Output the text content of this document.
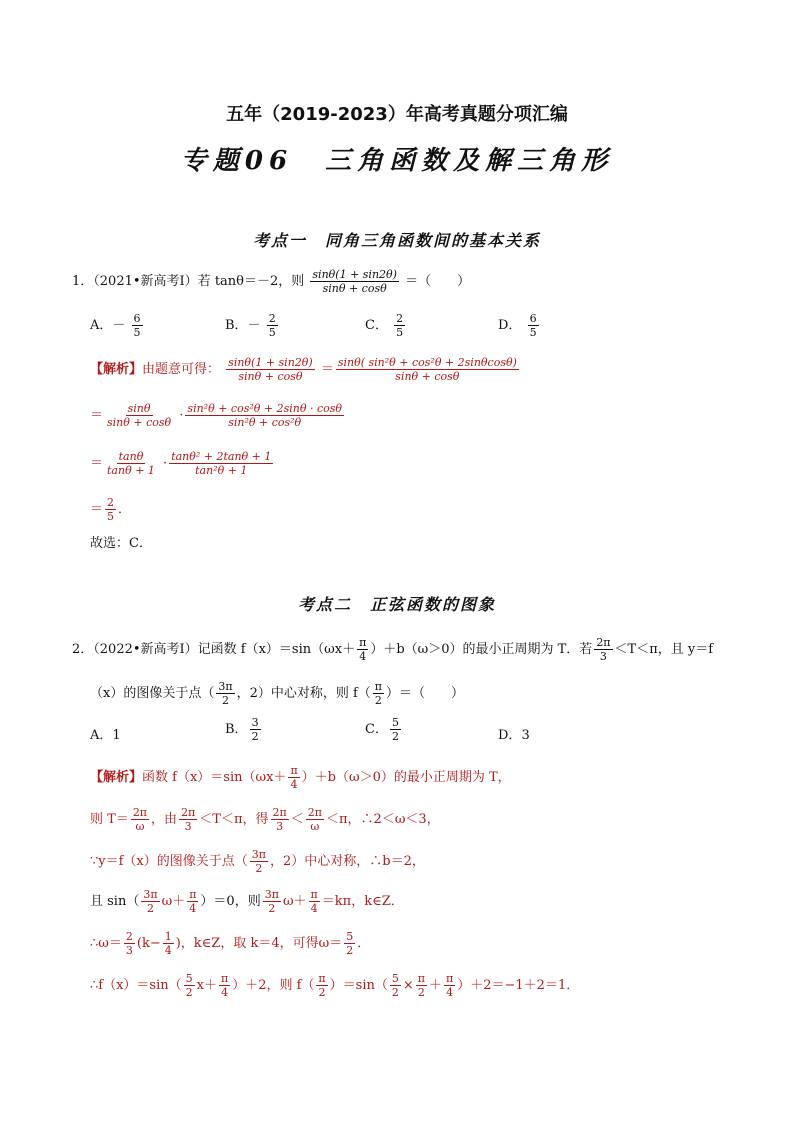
五年（2019-2023）年高考真题分项汇编
专题06　三角函数及解三角形
考点一　同角三角函数间的基本关系
1．（2021•新高考Ⅰ）若 tanθ＝－2，则 $\frac{\sin\theta(1 + \sin 2\theta)}{\sin\theta + \cos\theta}$ ＝（　　）
A．－ $\frac{6}{5}$	B．－ $\frac{2}{5}$	C． $\frac{2}{5}$	D． $\frac{6}{5}$
【解析】由题意可得： $\frac{\sin\theta(1 + \sin 2\theta)}{\sin\theta + \cos\theta} = \frac{\text{sinθ( sin²θ + cos²θ + 2sinθcosθ)}}{\sin\theta + \cos\theta}$
＝ $\frac{\sin\theta}{\sin\theta + \cos\theta} \cdot \frac{\text{sin²θ + cos²θ + 2sinθ · cosθ}}{\text{sin²θ + cos²θ}}$
＝ $\frac{\tan\theta}{\tan\theta + 1} \cdot \frac{\text{tanθ² + 2tanθ + 1}}{\text{tan²θ + 1}}$
＝ $\frac{2}{5}$ ．
故选：C．
考点二　正弦函数的图象
2．（2022•新高考Ⅰ）记函数 $f(x)=\sin(\omega x+ \frac{\pi}{4} )+b(\omega>0)$的最小正周期为 T．若 $\frac{2\pi}{3} <T<\pi$，且 y＝f
（x）的图像关于点（ $\frac{3\pi}{2}$ ，2）中心对称，则 $f( \frac{\pi}{2}$ ）＝（　　）
A．1	B． $\frac{3}{2}$	C． $\frac{5}{2}$	D．3
【解析】函数 $f(x)=\sin(\omega x+ \frac{\pi}{4} )+b(\omega>0)$的最小正周期为 T，
则 $T= \frac{2\pi}{\omega}$ ，由 $\frac{2\pi}{3} <T<\pi$，得 $\frac{2\pi}{3} < \frac{2\pi}{\omega} <\pi$，∴2＜ω＜3，
∵y＝f（x）的图像关于点（ $\frac{3\pi}{2}$ ，2）中心对称，∴b＝2，
且 $\sin( \frac{3\pi}{2} \omega+ \frac{\pi}{4} )=0$，则 $\frac{3\pi}{2} \omega+ \frac{\pi}{4} =k\pi$，k∈Z．
∴ω＝ $\frac{2}{3} (k- \frac{1}{4}$ )，k∈Z，取 k＝4，可得$\omega= \frac{5}{2}$ ．
∴f（x）＝sin（ $\frac{5}{2} x+ \frac{\pi}{4} )+2$，则 $f( \frac{\pi}{2} )=\sin( \frac{5}{2} \times \frac{\pi}{2} + \frac{\pi}{4} )+2=-1+2=1$．
